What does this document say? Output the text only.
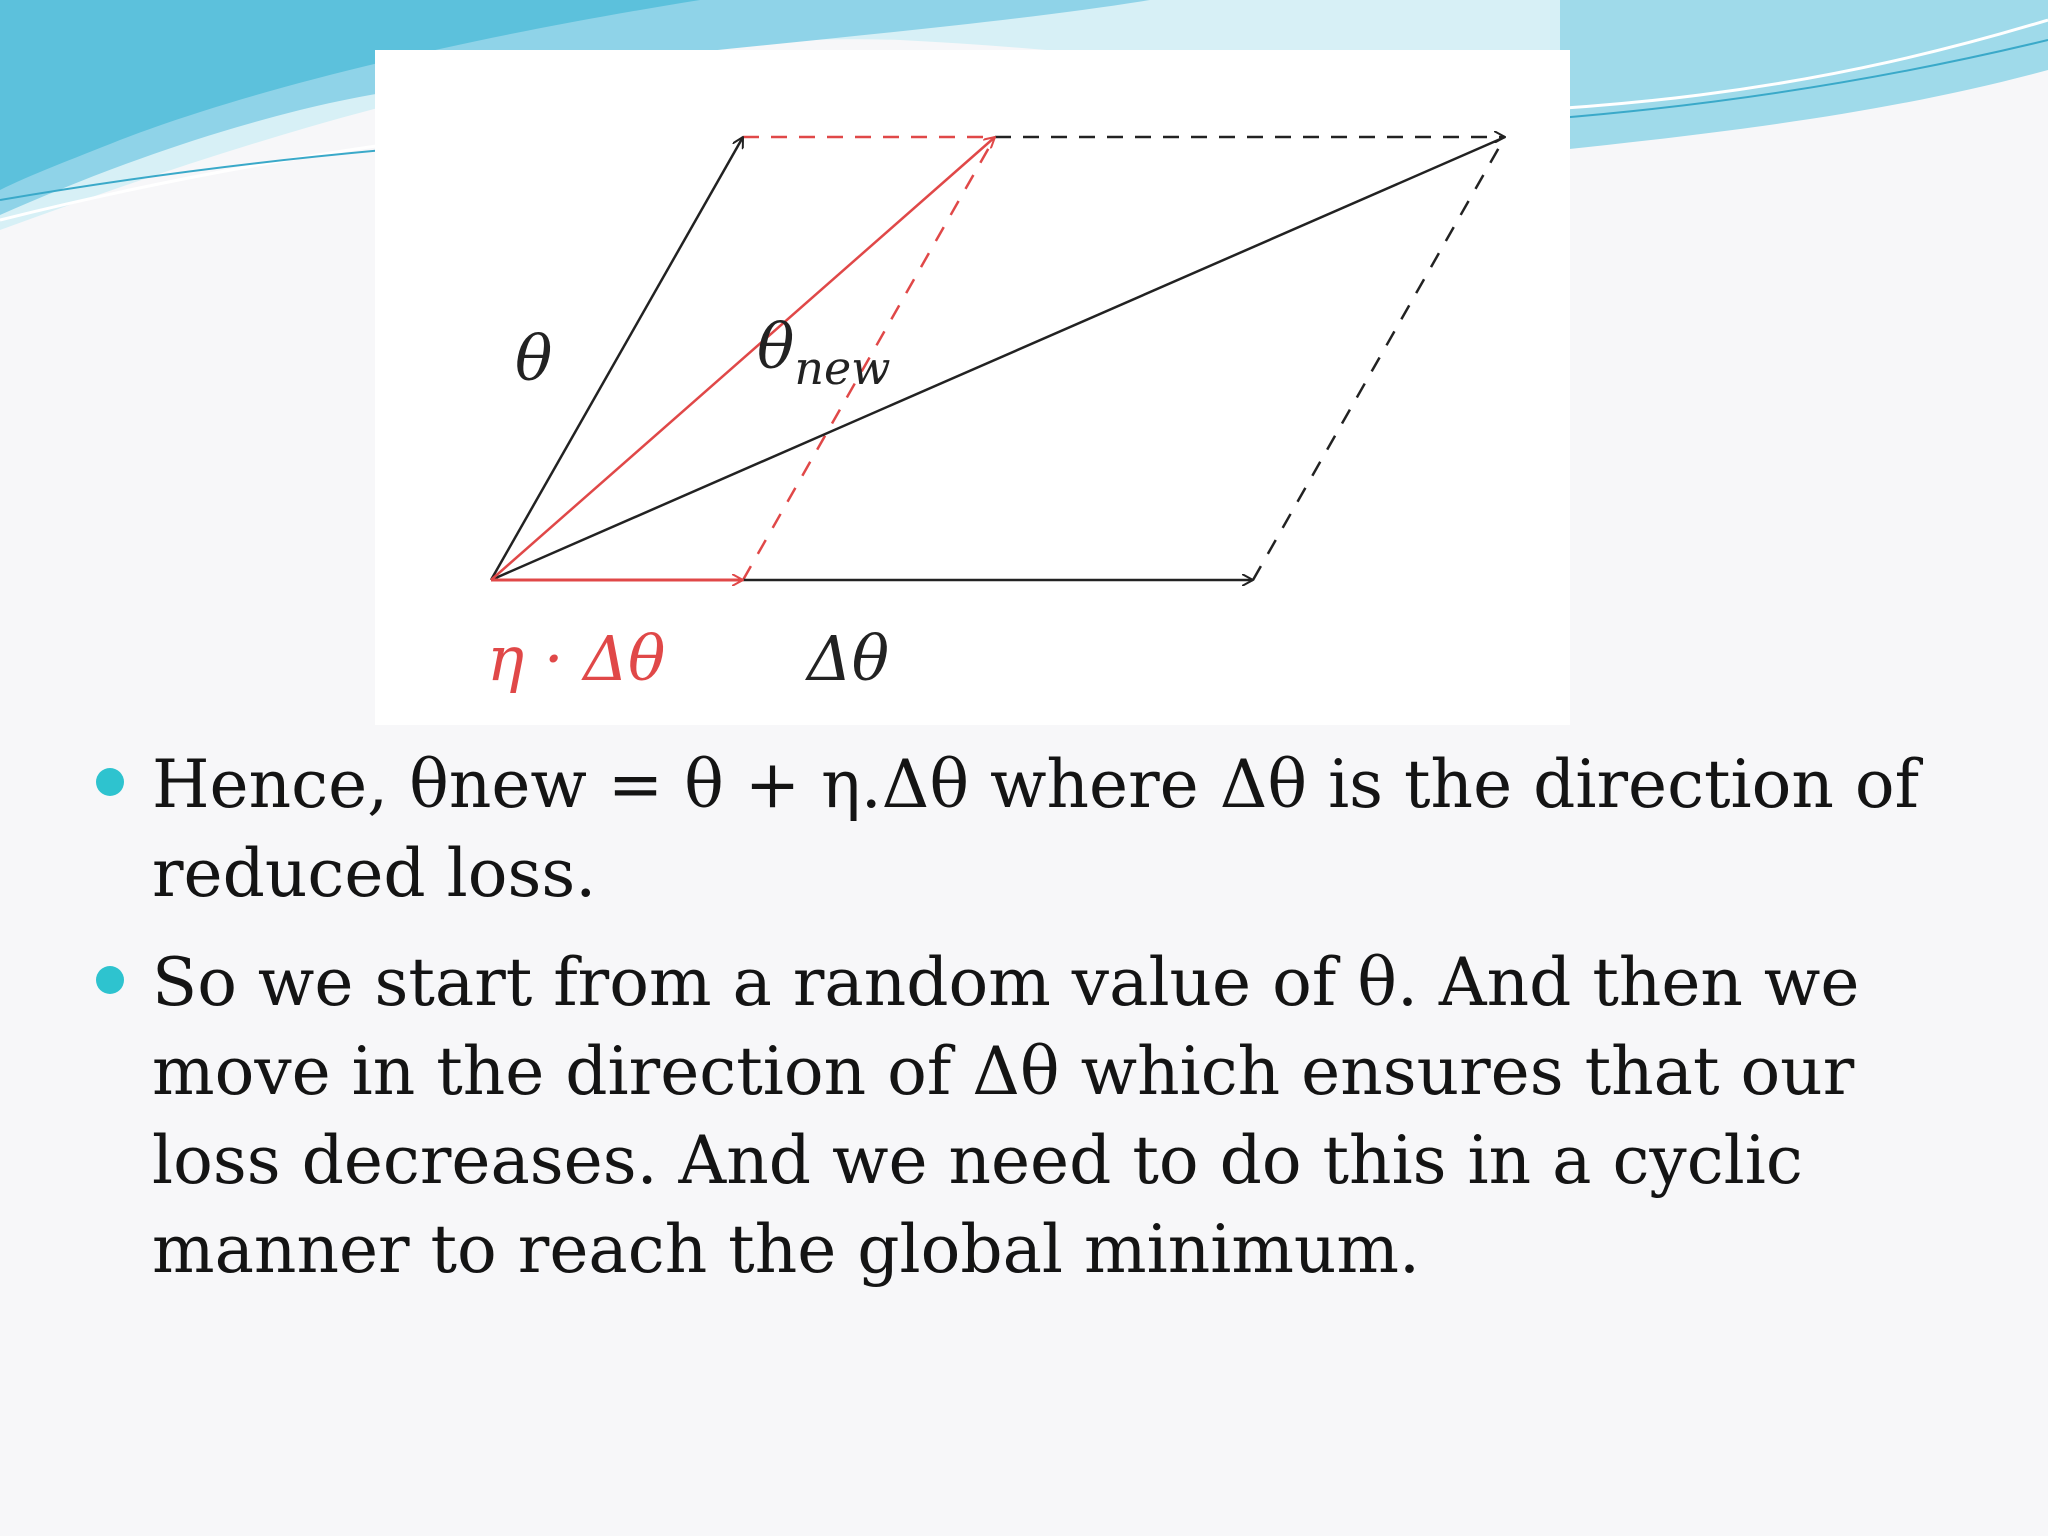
θ	$\theta_{new}$
η · Δθ Δθ
Hence, θnew = θ + η.Δθ where Δθ is the direction of reduced loss.
So we start from a random value of θ. And then we move in the direction of Δθ which ensures that our loss decreases. And we need to do this in a cyclic manner to reach the global minimum.
